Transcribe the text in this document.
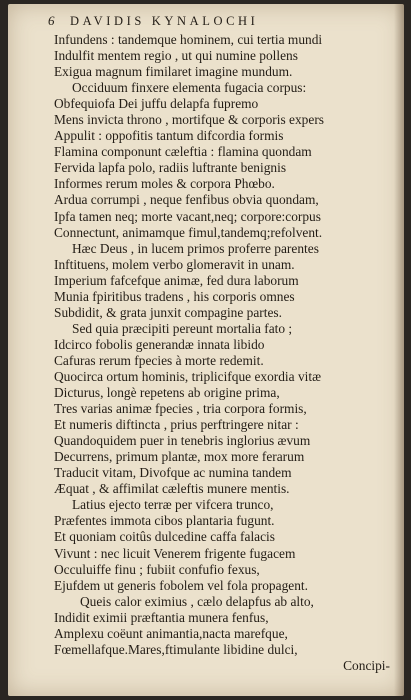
6 DAVIDIS KYNALOCHI
Infundens : tandemque hominem, cui tertia mundi
Indulfit mentem regio , ut qui numine pollens
Exigua magnum fimilaret imagine mundum.
Occiduum finxere elementa fugacia corpus:
Obfequiofa Dei juffu delapfa fupremo
Mens invicta throno , mortifque & corporis expers
Appulit : oppofitis tantum difcordia formis
Flamina componunt cæleftia : flamina quondam
Fervida lapfa polo, radiis luftrante benignis
Informes rerum moles & corpora Phœbo.
Ardua corrumpi , neque fenfibus obvia quondam,
Ipfa tamen neq; morte vacant,neq; corpore:corpus
Connectunt, animamque fimul,tandemq;refolvent.
Hæc Deus , in lucem primos proferre parentes
Inftituens, molem verbo glomeravit in unam.
Imperium fafcefque animæ, fed dura laborum
Munia fpiritibus tradens , his corporis omnes
Subdidit, & grata junxit compagine partes.
Sed quia præcipiti pereunt mortalia fato ;
Idcirco fobolis generandæ innata libido
Cafuras rerum fpecies à morte redemit.
Quocirca ortum hominis, triplicifque exordia vitæ
Dicturus, longè repetens ab origine prima,
Tres varias animæ fpecies , tria corpora formis,
Et numeris diftincta , prius perftringere nitar :
Quandoquidem puer in tenebris inglorius ævum
Decurrens, primum plantæ, mox more ferarum
Traducit vitam, Divofque ac numina tandem
Æquat , & affimilat cæleftis munere mentis.
Latius ejecto terræ per vifcera trunco,
Præfentes immota cibos plantaria fugunt.
Et quoniam coitûs dulcedine caffa falacis
Vivunt : nec licuit Venerem frigente fugacem
Occuluiffe finu ; fubiit confufio fexus,
Ejufdem ut generis fobolem vel fola propagent.
Queis calor eximius , cælo delapfus ab alto,
Indidit eximii præftantia munera fenfus,
Amplexu coëunt animantia,nacta marefque,
Fœmellafque.Mares,ftimulante libidine dulci,
Concipi-
